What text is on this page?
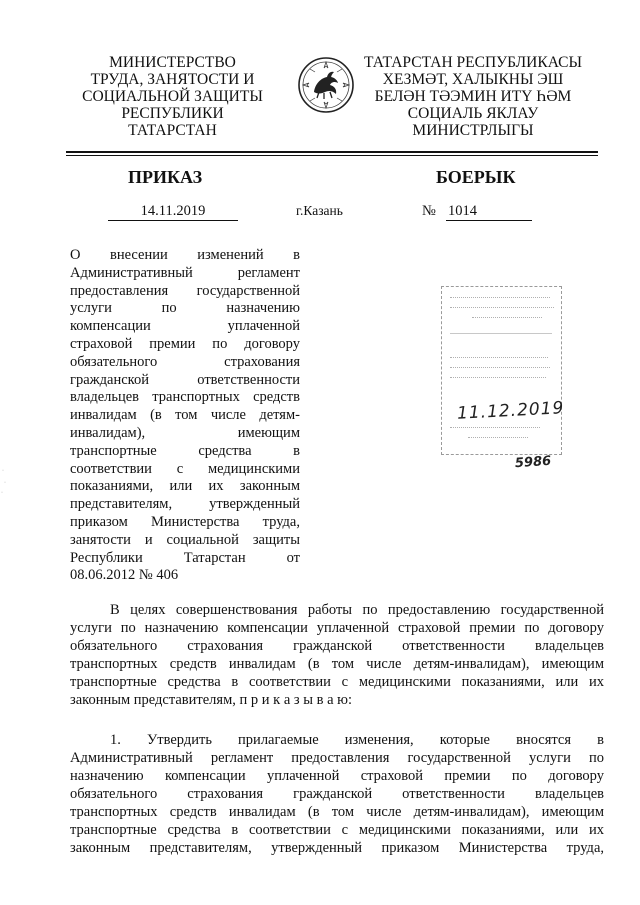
МИНИСТЕРСТВО
ТРУДА, ЗАНЯТОСТИ И
СОЦИАЛЬНОЙ ЗАЩИТЫ
РЕСПУБЛИКИ
ТАТАРСТАН
ТАТАРСТАН РЕСПУБЛИКАСЫ
ХЕЗМӘТ, ХАЛЫКНЫ ЭШ
БЕЛӘН ТӘЭМИН ИТҮ ҺӘМ
СОЦИАЛЬ ЯКЛАУ
МИНИСТРЛЫГЫ
ПРИКАЗ	БОЕРЫК
14.11.2019	г.Казань	№ 1014
О внесении изменений в
Административный регламент
предоставления государственной
услуги по назначению
компенсации уплаченной
страховой премии по договору
обязательного страхования
гражданской ответственности
владельцев транспортных средств
инвалидам (в том числе детям-
инвалидам), имеющим
транспортные средства в
соответствии с медицинскими
показаниями, или их законным
представителям, утвержденный
приказом Министерства труда,
занятости и социальной защиты
Республики Татарстан от
08.06.2012 № 406
11.12.2019
5986
·
·
·
В целях совершенствования работы по предоставлению государственной
услуги по назначению компенсации уплаченной страховой премии по договору
обязательного страхования гражданской ответственности владельцев
транспортных средств инвалидам (в том числе детям-инвалидам), имеющим
транспортные средства в соответствии с медицинскими показаниями, или их
законным представителям, п р и к а з ы в а ю:
1. Утвердить прилагаемые изменения, которые вносятся в
Административный регламент предоставления государственной услуги по
назначению компенсации уплаченной страховой премии по договору
обязательного страхования гражданской ответственности владельцев
транспортных средств инвалидам (в том числе детям-инвалидам), имеющим
транспортные средства в соответствии с медицинскими показаниями, или их
законным представителям, утвержденный приказом Министерства труда,
